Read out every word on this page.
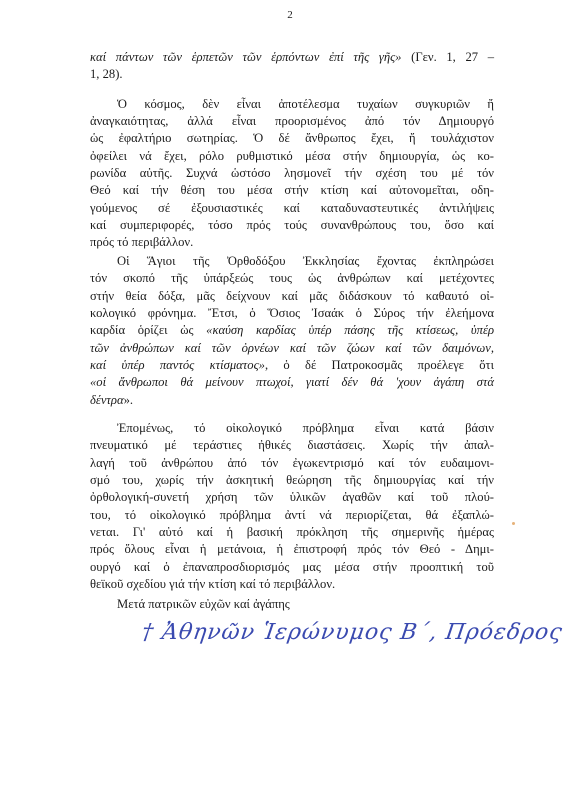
2
καί πάντων τῶν ἑρπετῶν τῶν ἑρπόντων ἐπί τῆς γῆς» (Γεν. 1, 27 –
1, 28).
Ὁ κόσμος, δὲν εἶναι ἀποτέλεσμα τυχαίων συγκυριῶν ἤ
ἀναγκαιότητας, ἀλλά εἶναι προορισμένος ἀπό τόν Δημιουργό
ὡς ἐφαλτήριο σωτηρίας. Ὁ δέ ἄνθρωπος ἔχει, ἤ τουλάχιστον
ὀφείλει νά ἔχει, ρόλο ρυθμιστικό μέσα στήν δημιουργία, ὡς κο-
ρωνίδα αὐτῆς. Συχνά ὡστόσο λησμονεῖ τήν σχέση του μέ τόν
Θεό καί τήν θέση του μέσα στήν κτίση καί αὐτονομεῖται, οδη-
γούμενος σέ ἐξουσιαστικές καί καταδυναστευτικές ἀντιλήψεις
καί συμπεριφορές, τόσο πρός τούς συνανθρώπους του, ὅσο καί
πρός τό περιβάλλον.
Οἱ Ἅγιοι τῆς Ὀρθοδόξου Ἐκκλησίας ἔχοντας ἐκπληρώσει
τόν σκοπό τῆς ὑπάρξεώς τους ὡς ἀνθρώπων καί μετέχοντες
στήν θεία δόξα, μᾶς δείχνουν καί μᾶς διδάσκουν τό καθαυτό οἰ-
κολογικό φρόνημα. Ἔτσι, ὁ Ὅσιος Ἰσαάκ ὁ Σύρος τήν ἐλεήμονα
καρδία ὁρίζει ὡς «καύση καρδίας ὑπέρ πάσης τῆς κτίσεως, ὑπέρ
τῶν ἀνθρώπων καί τῶν ὀρνέων καί τῶν ζώων καί τῶν δαιμόνων,
καί ὑπέρ παντός κτίσματος», ὁ δέ Πατροκοσμᾶς προέλεγε ὅτι
«οἱ ἄνθρωποι θά μείνουν πτωχοί, γιατί δέν θά 'χουν ἀγάπη στά
δέντρα».
Ἐπομένως, τό οἰκολογικό πρόβλημα εἶναι κατά βάσιν
πνευματικό μέ τεράστιες ἠθικές διαστάσεις. Χωρίς τήν ἀπαλ-
λαγή τοῦ ἀνθρώπου ἀπό τόν ἐγωκεντρισμό καί τόν ευδαιμονι-
σμό του, χωρίς τήν ἀσκητική θεώρηση τῆς δημιουργίας καί τήν
ὀρθολογική-συνετή χρήση τῶν ὑλικῶν ἀγαθῶν καί τοῦ πλού-
του, τό οἰκολογικό πρόβλημα ἀντί νά περιορίζεται, θά ἐξαπλώ-
νεται. Γι' αὐτό καί ἡ βασική πρόκληση τῆς σημερινῆς ἡμέρας
πρός ὅλους εἶναι ἡ μετάνοια, ἡ ἐπιστροφή πρός τόν Θεό - Δημι-
ουργό καί ὁ ἐπαναπροσδιορισμός μας μέσα στήν προοπτική τοῦ
θεϊκοῦ σχεδίου γιά τήν κτίση καί τό περιβάλλον.
Μετά πατρικῶν εὐχῶν καί ἀγάπης
† Ἀθηνῶν Ἱερώνυμος Β΄, Πρόεδρος
